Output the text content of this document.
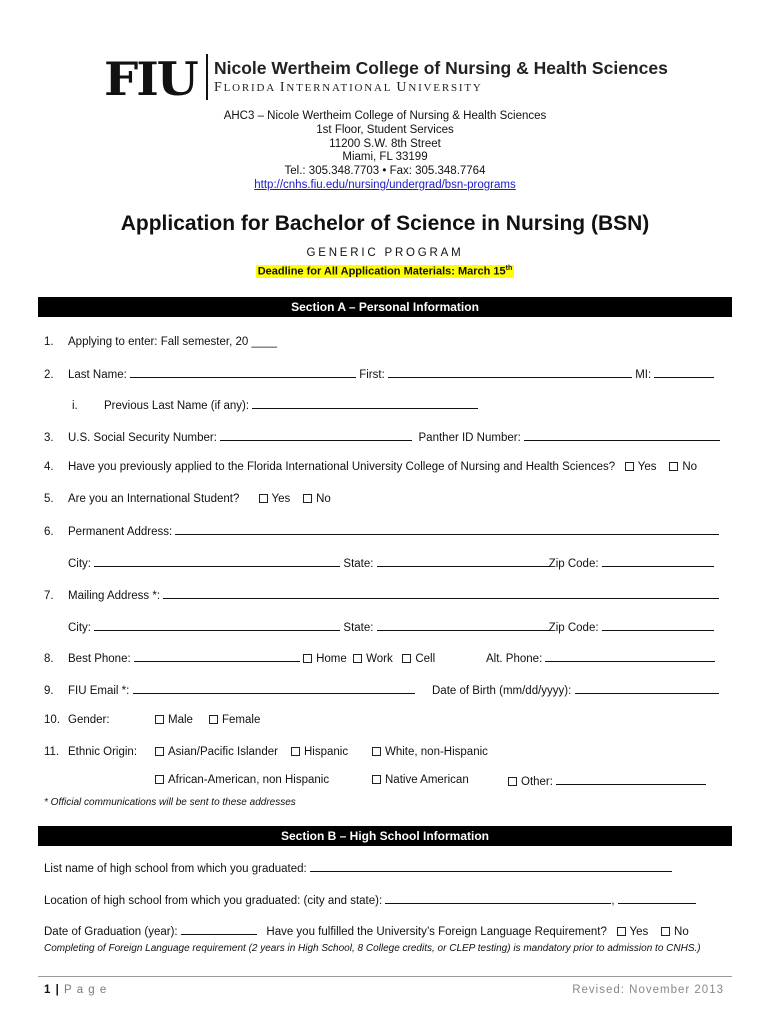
FIU Nicole Wertheim College of Nursing & Health Sciences
FLORIDA INTERNATIONAL UNIVERSITY
AHC3 – Nicole Wertheim College of Nursing & Health Sciences
1st Floor, Student Services
11200 S.W. 8th Street
Miami, FL 33199
Tel.: 305.348.7703 • Fax: 305.348.7764
http://cnhs.fiu.edu/nursing/undergrad/bsn-programs
Application for Bachelor of Science in Nursing (BSN)
GENERIC PROGRAM
Deadline for All Application Materials: March 15th
Section A – Personal Information
1. Applying to enter: Fall semester, 20 ____
2. Last Name:	First:	MI:
i. Previous Last Name (if any):
3. U.S. Social Security Number:	Panther ID Number:
4. Have you previously applied to the Florida International University College of Nursing and Health Sciences? Yes No
5. Are you an International Student?	Yes No
6. Permanent Address:
City:	State:	Zip Code:
7. Mailing Address *:
City:	State:	Zip Code:
8. Best Phone:	Home Work Cell	Alt. Phone:
9. FIU Email *:	Date of Birth (mm/dd/yyyy):
10. Gender:	Male	Female
11. Ethnic Origin:	Asian/Pacific Islander	Hispanic	White, non-Hispanic
African-American, non Hispanic	Native American	Other:
* Official communications will be sent to these addresses
Section B – High School Information
List name of high school from which you graduated:
Location of high school from which you graduated: (city and state):	,
Date of Graduation (year):	Have you fulfilled the University’s Foreign Language Requirement? Yes No
Completing of Foreign Language requirement (2 years in High School, 8 College credits, or CLEP testing) is mandatory prior to admission to CNHS.)
1 | P a g e	Revised: November 2013
